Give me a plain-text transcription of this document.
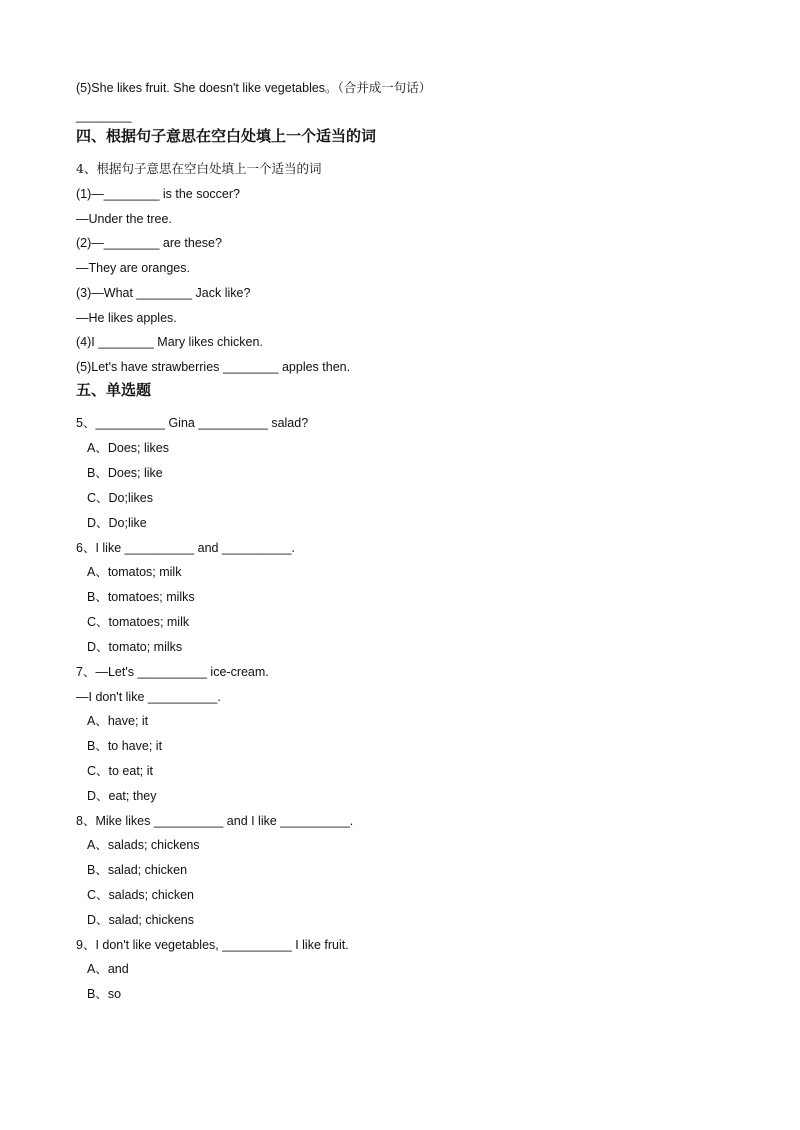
(5)She likes fruit. She doesn't like vegetables。（合并成一句话）
________
四、根据句子意思在空白处填上一个适当的词
4、根据句子意思在空白处填上一个适当的词
(1)—________ is the soccer?
—Under the tree.
(2)—________ are these?
—They are oranges.
(3)—What ________ Jack like?
—He likes apples.
(4)I ________ Mary likes chicken.
(5)Let's have strawberries ________ apples then.
五、单选题
5、__________ Gina __________ salad?
A、Does; likes
B、Does; like
C、Do;likes
D、Do;like
6、I like __________ and __________.
A、tomatos; milk
B、tomatoes; milks
C、tomatoes; milk
D、tomato; milks
7、—Let's __________ ice-cream.
—I don't like __________.
A、have; it
B、to have; it
C、to eat; it
D、eat; they
8、Mike likes __________ and I like __________.
A、salads; chickens
B、salad; chicken
C、salads; chicken
D、salad; chickens
9、I don't like vegetables, __________ I like fruit.
A、and
B、so
